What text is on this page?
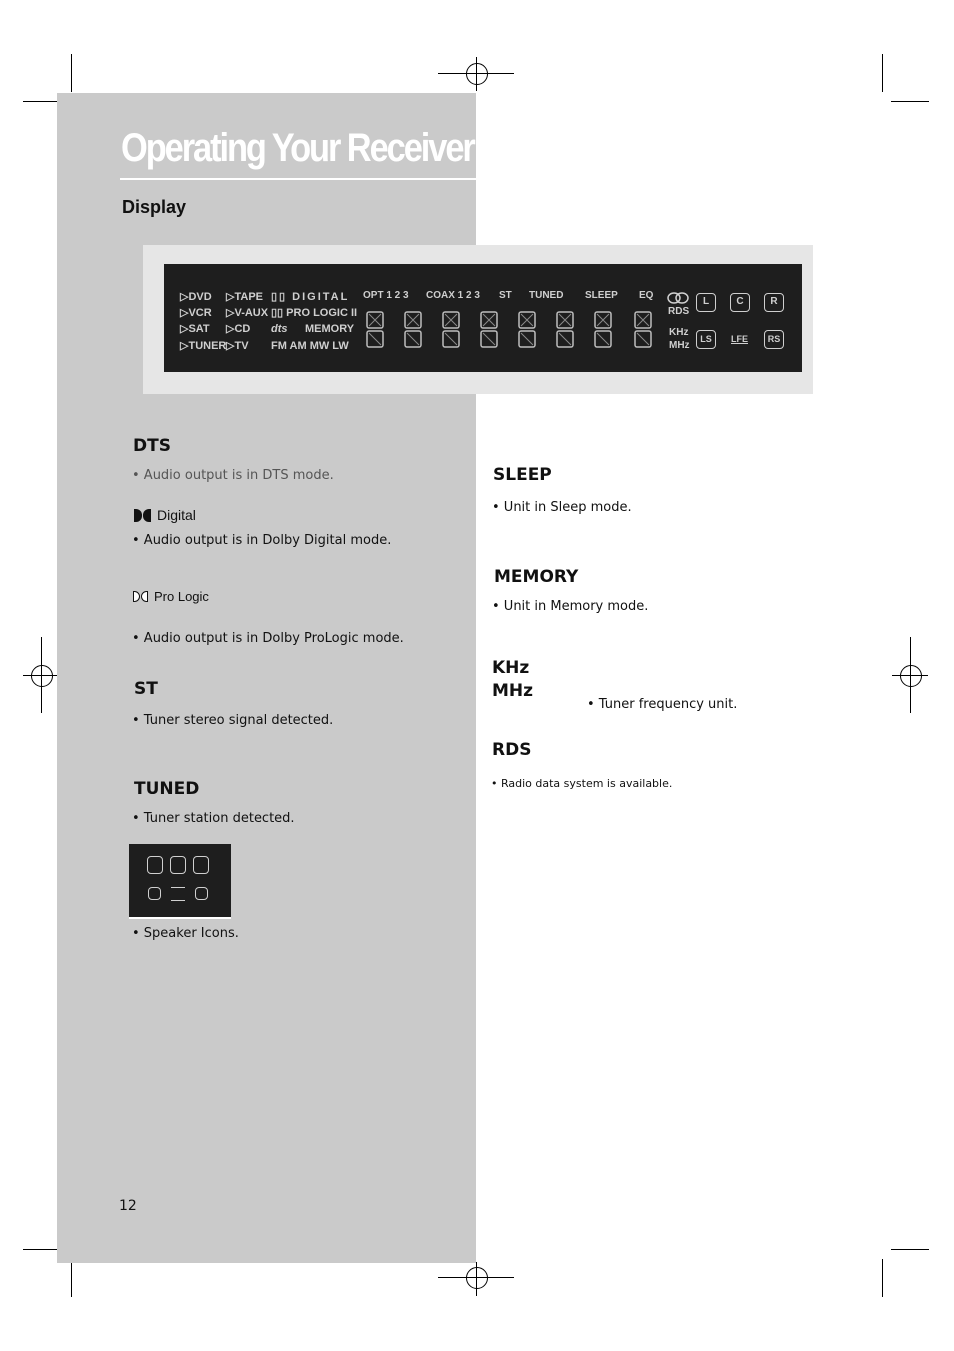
Operating Your Receiver
Display
▷DVD
▷VCR
▷SAT
▷TUNER
▷TAPE
▷V-AUX
▷CD
▷TV
▯▯ DIGITAL
▯▯ PRO LOGIC II
dts MEMORY
FM AM MW LW
OPT 1 2 3 COAX 1 2 3 ST TUNED SLEEP EQ
RDS
KHz
MHz
L	C	R
LS	LFE	RS
DTS
• Audio output is in DTS mode.
Digital
• Audio output is in Dolby Digital mode.
Pro Logic
• Audio output is in Dolby ProLogic mode.
ST
• Tuner stereo signal detected.
TUNED
• Tuner station detected.
• Speaker Icons.
SLEEP
• Unit in Sleep mode.
MEMORY
• Unit in Memory mode.
KHz
MHz
• Tuner frequency unit.
RDS
• Radio data system is available.
12
